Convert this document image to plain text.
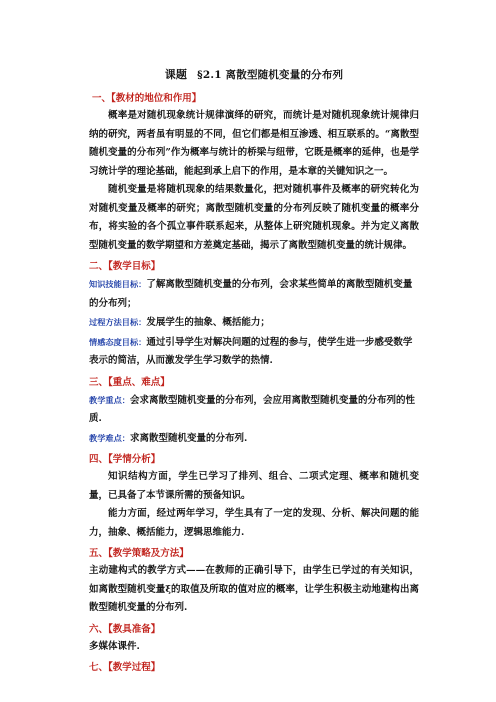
课题 §2.1 离散型随机变量的分布列
一、【教材的地位和作用】

概率是对随机现象统计规律演绎的研究，而统计是对随机现象统计规律归纳的研究，两者虽有明显的不同，但它们都是相互渗透、相互联系的。“离散型随机变量的分布列”作为概率与统计的桥梁与纽带，它既是概率的延伸，也是学习统计学的理论基础，能起到承上启下的作用，是本章的关键知识之一。

随机变量是将随机现象的结果数量化，把对随机事件及概率的研究转化为对随机变量及概率的研究；离散型随机变量的分布列反映了随机变量的概率分布，将实验的各个孤立事件联系起来，从整体上研究随机现象。并为定义离散型随机变量的数学期望和方差奠定基础，揭示了离散型随机变量的统计规律。

二、【教学目标】

知识技能目标：了解离散型随机变量的分布列，会求某些简单的离散型随机变量的分布列；

过程方法目标：发展学生的抽象、概括能力；

情感态度目标：通过引导学生对解决问题的过程的参与，使学生进一步感受数学表示的简洁，从而激发学生学习数学的热情.

三、【重点、难点】

教学重点：会求离散型随机变量的分布列，会应用离散型随机变量的分布列的性质.

教学难点：求离散型随机变量的分布列.

四、【学情分析】

知识结构方面，学生已学习了排列、组合、二项式定理、概率和随机变量，已具备了本节课所需的预备知识。

能力方面，经过两年学习，学生具有了一定的发现、分析、解决问题的能力，抽象、概括能力，逻辑思维能力.

五、【教学策略及方法】

主动建构式的教学方式——在教师的正确引导下，由学生已学过的有关知识，如离散型随机变量ξ的取值及所取的值对应的概率，让学生积极主动地建构出离散型随机变量的分布列.

六、【教具准备】

多媒体课件.

七、【教学过程】
